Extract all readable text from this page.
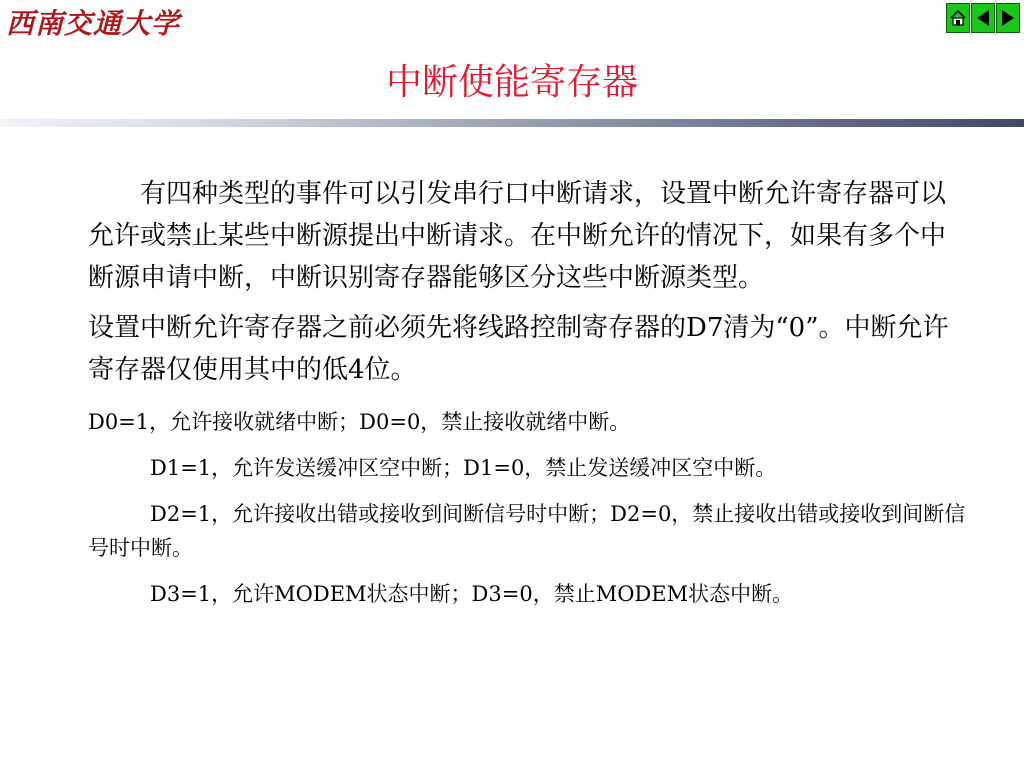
西南交通大学
中断使能寄存器

有四种类型的事件可以引发串行口中断请求，设置中断允许寄存器可以允许或禁止某些中断源提出中断请求。在中断允许的情况下，如果有多个中断源申请中断，中断识别寄存器能够区分这些中断源类型。

设置中断允许寄存器之前必须先将线路控制寄存器的D7清为“0”。中断允许寄存器仅使用其中的低4位。

D0=1，允许接收就绪中断；D0=0，禁止接收就绪中断。

D1=1，允许发送缓冲区空中断；D1=0，禁止发送缓冲区空中断。

D2=1，允许接收出错或接收到间断信号时中断；D2=0，禁止接收出错或接收到间断信号时中断。

D3=1，允许MODEM状态中断；D3=0，禁止MODEM状态中断。
